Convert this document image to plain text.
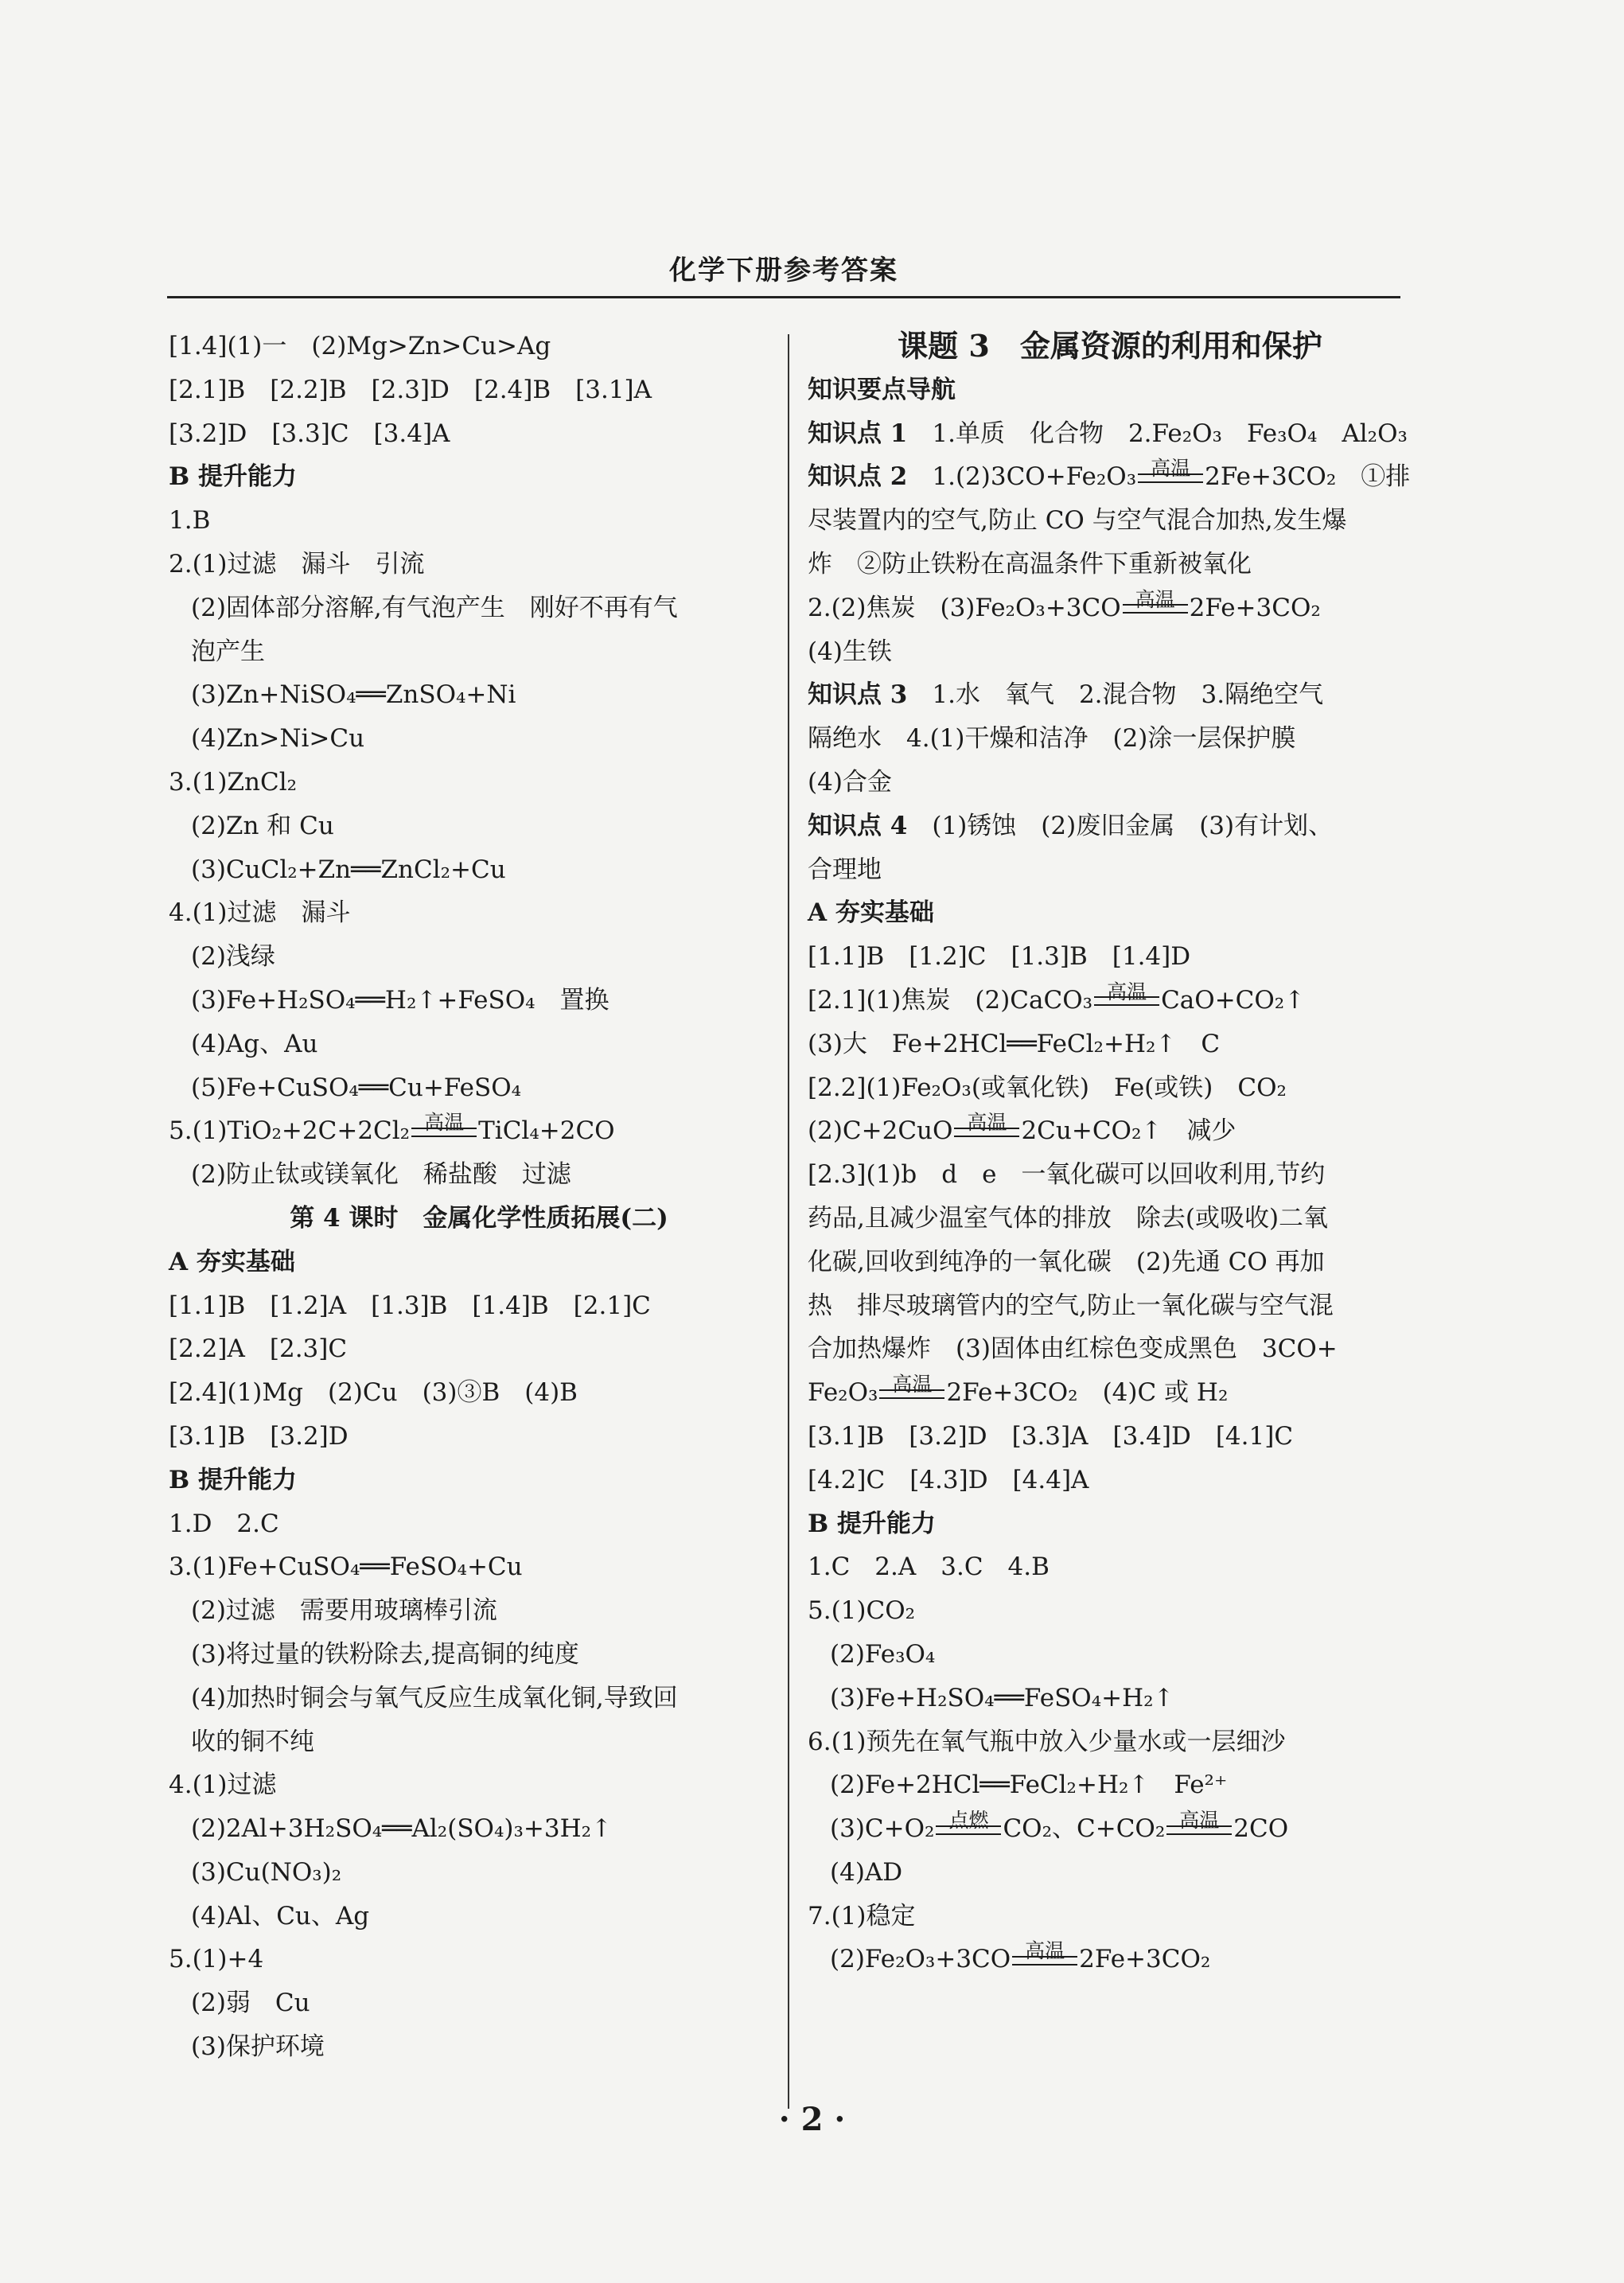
化学下册参考答案
[1.4](1)一　(2)Mg>Zn>Cu>Ag
[2.1]B　[2.2]B　[2.3]D　[2.4]B　[3.1]A
[3.2]D　[3.3]C　[3.4]A
B 提升能力
1.B
2.(1)过滤　漏斗　引流
(2)固体部分溶解,有气泡产生　刚好不再有气
泡产生
(3)Zn+NiSO₄══ZnSO₄+Ni
(4)Zn>Ni>Cu
3.(1)ZnCl₂
(2)Zn 和 Cu
(3)CuCl₂+Zn══ZnCl₂+Cu
4.(1)过滤　漏斗
(2)浅绿
(3)Fe+H₂SO₄══H₂↑+FeSO₄　置换
(4)Ag、Au
(5)Fe+CuSO₄══Cu+FeSO₄
5.(1)TiO₂+2C+2Cl₂ 高温 TiCl₄+2CO
(2)防止钛或镁氧化　稀盐酸　过滤
第 4 课时　金属化学性质拓展(二)
A 夯实基础
[1.1]B　[1.2]A　[1.3]B　[1.4]B　[2.1]C
[2.2]A　[2.3]C
[2.4](1)Mg　(2)Cu　(3)③B　(4)B
[3.1]B　[3.2]D
B 提升能力
1.D　2.C
3.(1)Fe+CuSO₄══FeSO₄+Cu
(2)过滤　需要用玻璃棒引流
(3)将过量的铁粉除去,提高铜的纯度
(4)加热时铜会与氧气反应生成氧化铜,导致回
收的铜不纯
4.(1)过滤
(2)2Al+3H₂SO₄══Al₂(SO₄)₃+3H₂↑
(3)Cu(NO₃)₂
(4)Al、Cu、Ag
5.(1)+4
(2)弱　Cu
(3)保护环境
课题 3　金属资源的利用和保护
知识要点导航
知识点 1　1.单质　化合物　2.Fe₂O₃　Fe₃O₄　Al₂O₃
知识点 2　1.(2)3CO+Fe₂O₃ 高温 2Fe+3CO₂　①排
尽装置内的空气,防止 CO 与空气混合加热,发生爆
炸　②防止铁粉在高温条件下重新被氧化
2.(2)焦炭　(3)Fe₂O₃+3CO 高温 2Fe+3CO₂
(4)生铁
知识点 3　1.水　氧气　2.混合物　3.隔绝空气
隔绝水　4.(1)干燥和洁净　(2)涂一层保护膜
(4)合金
知识点 4　(1)锈蚀　(2)废旧金属　(3)有计划、
合理地
A 夯实基础
[1.1]B　[1.2]C　[1.3]B　[1.4]D
[2.1](1)焦炭　(2)CaCO₃ 高温 CaO+CO₂↑
(3)大　Fe+2HCl══FeCl₂+H₂↑　C
[2.2](1)Fe₂O₃(或氧化铁)　Fe(或铁)　CO₂
(2)C+2CuO 高温 2Cu+CO₂↑　减少
[2.3](1)b　d　e　一氧化碳可以回收利用,节约
药品,且减少温室气体的排放　除去(或吸收)二氧
化碳,回收到纯净的一氧化碳　(2)先通 CO 再加
热　排尽玻璃管内的空气,防止一氧化碳与空气混
合加热爆炸　(3)固体由红棕色变成黑色　3CO+
Fe₂O₃ 高温 2Fe+3CO₂　(4)C 或 H₂
[3.1]B　[3.2]D　[3.3]A　[3.4]D　[4.1]C
[4.2]C　[4.3]D　[4.4]A
B 提升能力
1.C　2.A　3.C　4.B
5.(1)CO₂
(2)Fe₃O₄
(3)Fe+H₂SO₄══FeSO₄+H₂↑
6.(1)预先在氧气瓶中放入少量水或一层细沙
(2)Fe+2HCl══FeCl₂+H₂↑　Fe²⁺
(3)C+O₂ 点燃 CO₂、C+CO₂ 高温 2CO
(4)AD
7.(1)稳定
(2)Fe₂O₃+3CO 高温 2Fe+3CO₂
· 2 ·
